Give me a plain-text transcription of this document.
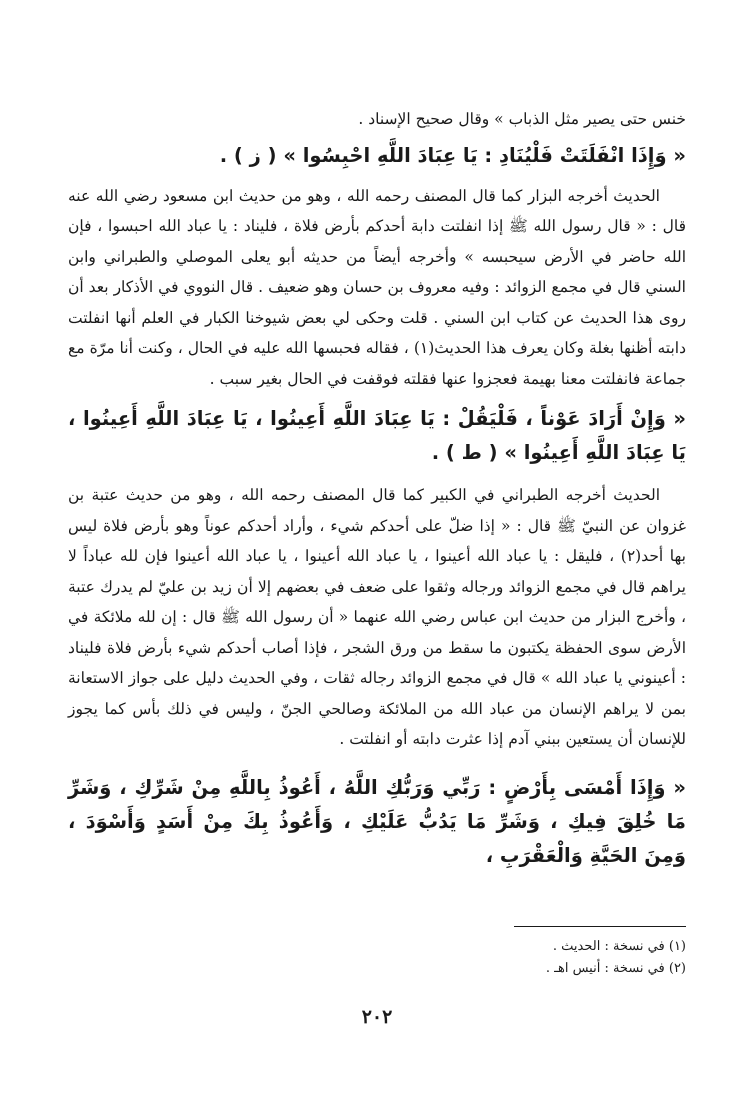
خنس حتى يصير مثل الذباب » وقال صحيح الإسناد .

« وَإِذَا انْفَلَتَتْ فَلْيُنَادِ : يَا عِبَادَ اللَّهِ احْبِسُوا » ( ز ) .

الحديث أخرجه البزار كما قال المصنف رحمه الله ، وهو من حديث ابن مسعود رضي الله عنه قال : « قال رسول الله ﷺ إذا انفلتت دابة أحدكم بأرض فلاة ، فليناد : يا عباد الله احبسوا ، فإن الله حاضر في الأرض سيحبسه » وأخرجه أيضاً من حديثه أبو يعلى الموصلي والطبراني وابن السني قال في مجمع الزوائد : وفيه معروف بن حسان وهو ضعيف . قال النووي في الأذكار بعد أن روى هذا الحديث عن كتاب ابن السني . قلت وحكى لي بعض شيوخنا الكبار في العلم أنها انفلتت دابته أظنها بغلة وكان يعرف هذا الحديث(١) ، فقاله فحبسها الله عليه في الحال ، وكنت أنا مرّة مع جماعة فانفلتت معنا بهيمة فعجزوا عنها فقلته فوقفت في الحال بغير سبب .

« وَإِنْ أَرَادَ عَوْناً ، فَلْيَقُلْ : يَا عِبَادَ اللَّهِ أَعِينُوا ، يَا عِبَادَ اللَّهِ أَعِينُوا ، يَا عِبَادَ اللَّهِ أَعِينُوا » ( ط ) .

الحديث أخرجه الطبراني في الكبير كما قال المصنف رحمه الله ، وهو من حديث عتبة بن غزوان عن النبيّ ﷺ قال : « إذا ضلّ على أحدكم شيء ، وأراد أحدكم عوناً وهو بأرض فلاة ليس بها أحد(٢) ، فليقل : يا عباد الله أعينوا ، يا عباد الله أعينوا ، يا عباد الله أعينوا فإن لله عباداً لا يراهم قال في مجمع الزوائد ورجاله وثقوا على ضعف في بعضهم إلا أن زيد بن عليّ لم يدرك عتبة ، وأخرج البزار من حديث ابن عباس رضي الله عنهما « أن رسول الله ﷺ قال : إن لله ملائكة في الأرض سوى الحفظة يكتبون ما سقط من ورق الشجر ، فإذا أصاب أحدكم شيء بأرض فلاة فليناد : أعينوني يا عباد الله » قال في مجمع الزوائد رجاله ثقات ، وفي الحديث دليل على جواز الاستعانة بمن لا يراهم الإنسان من عباد الله من الملائكة وصالحي الجنّ ، وليس في ذلك بأس كما يجوز للإنسان أن يستعين ببني آدم إذا عثرت دابته أو انفلتت .

« وَإِذَا أَمْسَى بِأَرْضٍ : رَبِّي وَرَبُّكِ اللَّهُ ، أَعُوذُ بِاللَّهِ مِنْ شَرِّكِ ، وَشَرِّ مَا خُلِقَ فِيكِ ، وَشَرِّ مَا يَدُبُّ عَلَيْكِ ، وَأَعُوذُ بِكَ مِنْ أَسَدٍ وَأَسْوَدَ ، وَمِنَ الحَيَّةِ وَالْعَقْرَبِ ،

(١) في نسخة : الحديث .

(٢) في نسخة : أنيس اهـ .

٢٠٢
